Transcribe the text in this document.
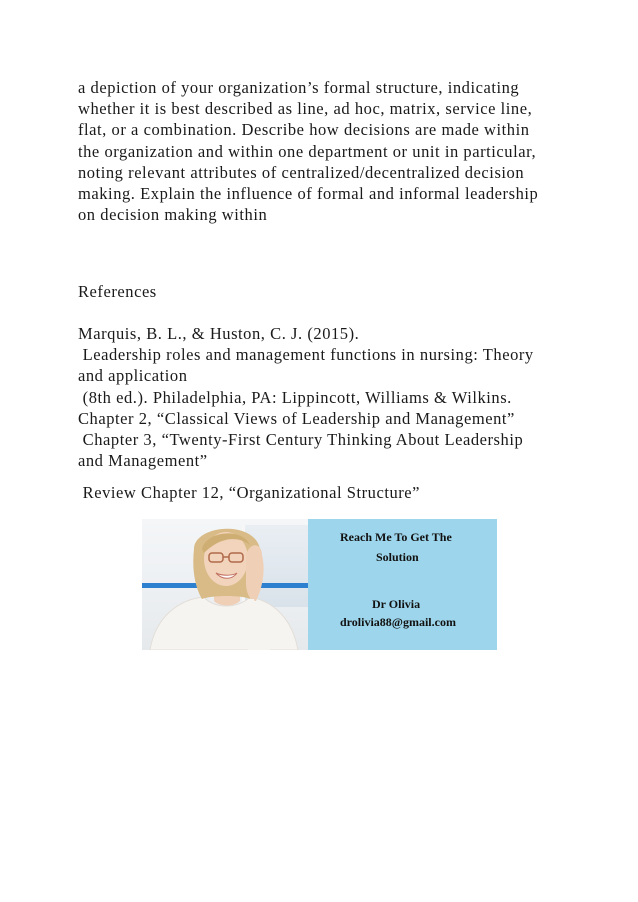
a depiction of your organization’s formal structure, indicating
whether it is best described as line, ad hoc, matrix, service line,
flat, or a combination. Describe how decisions are made within
the organization and within one department or unit in particular,
noting relevant attributes of centralized/decentralized decision
making. Explain the influence of formal and informal leadership
on decision making within
References
Marquis, B. L., & Huston, C. J. (2015).
Leadership roles and management functions in nursing: Theory
and application
(8th ed.). Philadelphia, PA: Lippincott, Williams & Wilkins.
Chapter 2, “Classical Views of Leadership and Management”
Chapter 3, “Twenty-First Century Thinking About Leadership
and Management”
Review Chapter 12, “Organizational Structure”
Reach Me To Get The
Solution
Dr Olivia
drolivia88@gmail.com
